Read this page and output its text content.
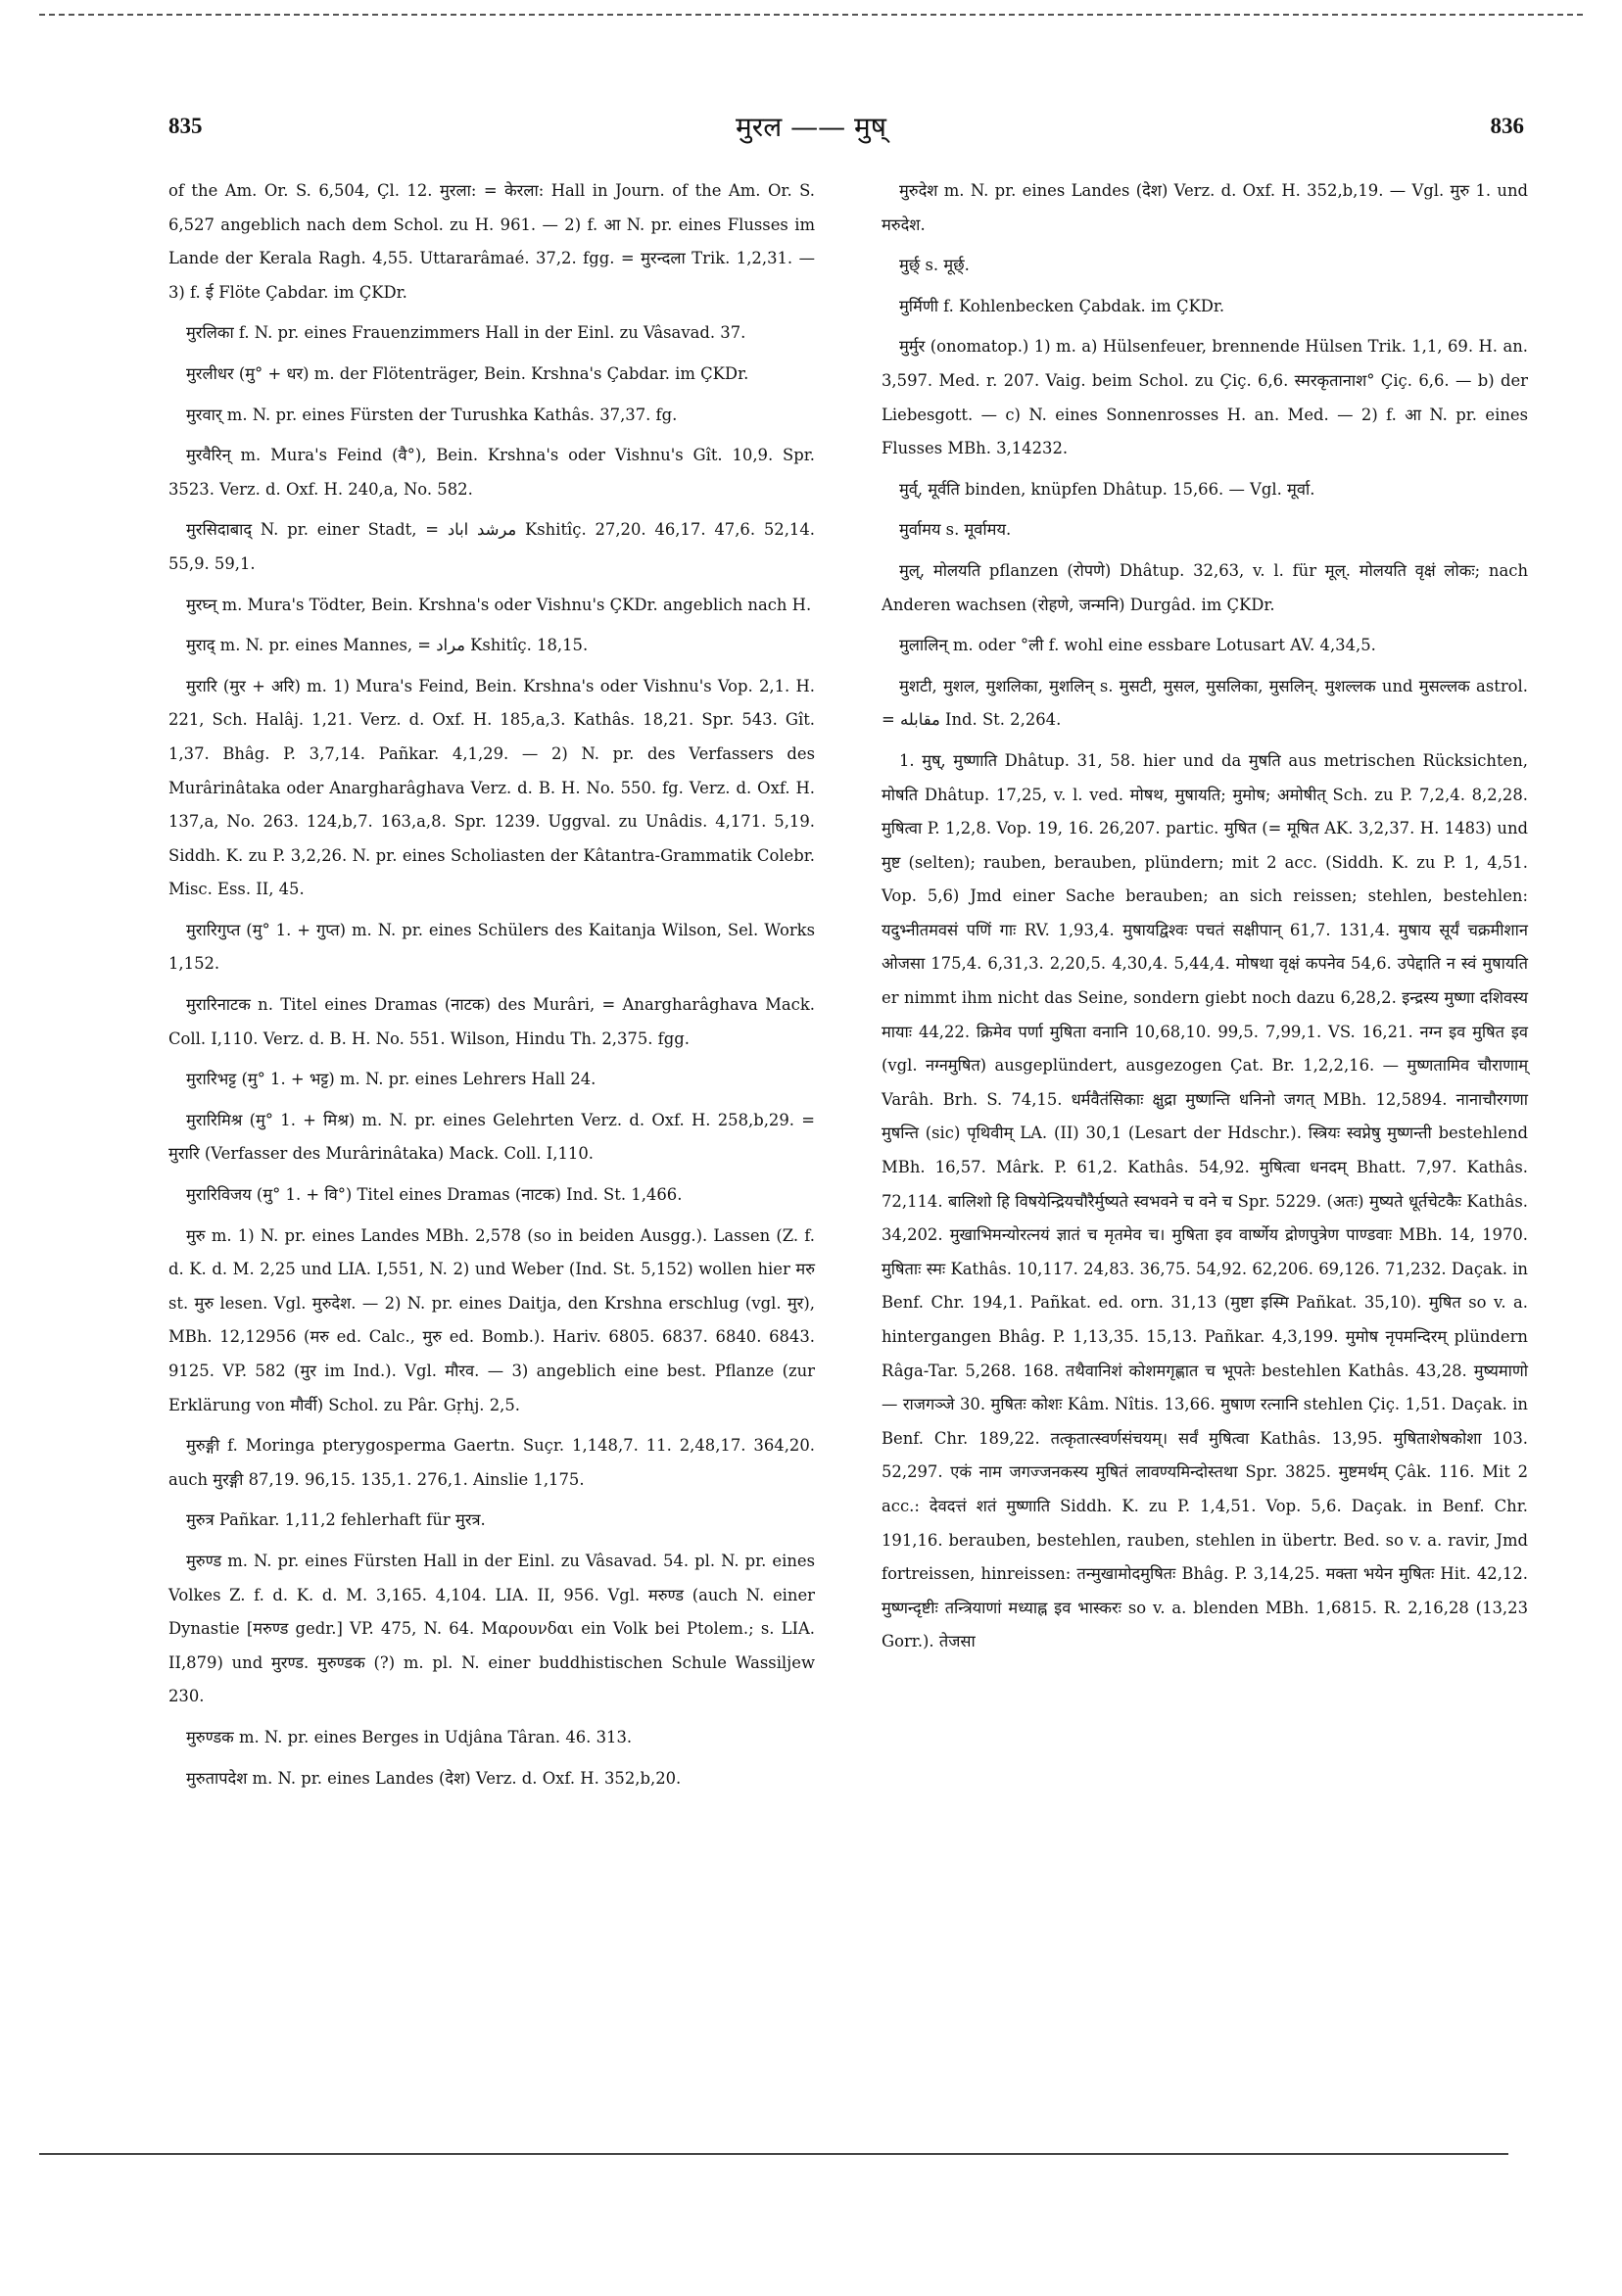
835	मुरल —— मुष्	836

of the Am. Or. S. 6,504, Çl. 12. मुरला: = केरला: Hall in Journ. of the Am. Or. S. 6,527 angeblich nach dem Schol. zu H. 961. — 2) f. आ N. pr. eines Flusses im Lande der Kerala Ragh. 4,55. Uttararâmaé. 37,2. fgg. = मुरन्दला Trik. 1,2,31. — 3) f. ई Flöte Çabdar. im ÇKDr.

मुरलिका f. N. pr. eines Frauenzimmers Hall in der Einl. zu Vâsavad. 37.

मुरलीधर (मु° + धर) m. der Flötenträger, Bein. Krshna's Çabdar. im ÇKDr.

मुरवार् m. N. pr. eines Fürsten der Turushka Kathâs. 37,37. fg.

मुरवैरिन् m. Mura's Feind (वै°), Bein. Krshna's oder Vishnu's Gît. 10,9. Spr. 3523. Verz. d. Oxf. H. 240,a, No. 582.

मुरसिदाबाद् N. pr. einer Stadt, = مرشد اباد Kshitîç. 27,20. 46,17. 47,6. 52,14. 55,9. 59,1.

मुरघ्न् m. Mura's Tödter, Bein. Krshna's oder Vishnu's ÇKDr. angeblich nach H.

मुराद् m. N. pr. eines Mannes, = مراد Kshitîç. 18,15.

मुरारि (मुर + अरि) m. 1) Mura's Feind, Bein. Krshna's oder Vishnu's Vop. 2,1. H. 221, Sch. Halâj. 1,21. Verz. d. Oxf. H. 185,a,3. Kathâs. 18,21. Spr. 543. Gît. 1,37. Bhâg. P. 3,7,14. Pañkar. 4,1,29. — 2) N. pr. des Verfassers des Murârinâtaka oder Anargharâghava Verz. d. B. H. No. 550. fg. Verz. d. Oxf. H. 137,a, No. 263. 124,b,7. 163,a,8. Spr. 1239. Uggval. zu Unâdis. 4,171. 5,19. Siddh. K. zu P. 3,2,26. N. pr. eines Scholiasten der Kâtantra-Grammatik Colebr. Misc. Ess. II, 45.

मुरारिगुप्त (मु° 1. + गुप्त) m. N. pr. eines Schülers des Kaitanja Wilson, Sel. Works 1,152.

मुरारिनाटक n. Titel eines Dramas (नाटक) des Murâri, = Anargharâghava Mack. Coll. I,110. Verz. d. B. H. No. 551. Wilson, Hindu Th. 2,375. fgg.

मुरारिभट्ट (मु° 1. + भट्ट) m. N. pr. eines Lehrers Hall 24.

मुरारिमिश्र (मु° 1. + मिश्र) m. N. pr. eines Gelehrten Verz. d. Oxf. H. 258,b,29. = मुरारि (Verfasser des Murârinâtaka) Mack. Coll. I,110.

मुरारिविजय (मु° 1. + वि°) Titel eines Dramas (नाटक) Ind. St. 1,466.

मुरु m. 1) N. pr. eines Landes MBh. 2,578 (so in beiden Ausgg.). Lassen (Z. f. d. K. d. M. 2,25 und LIA. I,551, N. 2) und Weber (Ind. St. 5,152) wollen hier मरु st. मुरु lesen. Vgl. मुरुदेश. — 2) N. pr. eines Daitja, den Krshna erschlug (vgl. मुर), MBh. 12,12956 (मरु ed. Calc., मुरु ed. Bomb.). Hariv. 6805. 6837. 6840. 6843. 9125. VP. 582 (मुर im Ind.). Vgl. मौरव. — 3) angeblich eine best. Pflanze (zur Erklärung von मौर्वी) Schol. zu Pâr. Gṛhj. 2,5.

मुरुङ्गी f. Moringa pterygosperma Gaertn. Suçr. 1,148,7. 11. 2,48,17. 364,20. auch मुरङ्गी 87,19. 96,15. 135,1. 276,1. Ainslie 1,175.

मुरुत्र Pañkar. 1,11,2 fehlerhaft für मुरत्र.

मुरुण्ड m. N. pr. eines Fürsten Hall in der Einl. zu Vâsavad. 54. pl. N. pr. eines Volkes Z. f. d. K. d. M. 3,165. 4,104. LIA. II, 956. Vgl. मरुण्ड (auch N. einer Dynastie [मरुण्ड gedr.] VP. 475, N. 64. Μαρουνδαι ein Volk bei Ptolem.; s. LIA. II,879) und मुरण्ड. मुरुण्डक (?) m. pl. N. einer buddhistischen Schule Wassiljew 230.

मुरुण्डक m. N. pr. eines Berges in Udjâna Târan. 46. 313.

मुरुतापदेश m. N. pr. eines Landes (देश) Verz. d. Oxf. H. 352,b,20.

मुरुदेश m. N. pr. eines Landes (देश) Verz. d. Oxf. H. 352,b,19. — Vgl. मुरु 1. und मरुदेश.

मुर्छ् s. मूर्छ्.

मुर्मिणी f. Kohlenbecken Çabdak. im ÇKDr.

मुर्मुर (onomatop.) 1) m. a) Hülsenfeuer, brennende Hülsen Trik. 1,1, 69. H. an. 3,597. Med. r. 207. Vaig. beim Schol. zu Çiç. 6,6. स्मरकृतानाश° Çiç. 6,6. — b) der Liebesgott. — c) N. eines Sonnenrosses H. an. Med. — 2) f. आ N. pr. eines Flusses MBh. 3,14232.

मुर्व्, मूर्वति binden, knüpfen Dhâtup. 15,66. — Vgl. मूर्वा.

मुर्वामय s. मूर्वामय.

मुल्, मोलयति pflanzen (रोपणे) Dhâtup. 32,63, v. l. für मूल्. मोलयति वृक्षं लोकः; nach Anderen wachsen (रोहणे, जन्मनि) Durgâd. im ÇKDr.

मुलालिन् m. oder °ली f. wohl eine essbare Lotusart AV. 4,34,5.

मुशटी, मुशल, मुशलिका, मुशलिन् s. मुसटी, मुसल, मुसलिका, मुसलिन्. मुशल्लक und मुसल्लक astrol. = مقابله Ind. St. 2,264.

1. मुष्, मुष्णाति Dhâtup. 31, 58. hier und da मुषति aus metrischen Rücksichten, मोषति Dhâtup. 17,25, v. l. ved. मोषथ, मुषायति; मुमोष; अमोषीत् Sch. zu P. 7,2,4. 8,2,28. मुषित्वा P. 1,2,8. Vop. 19, 16. 26,207. partic. मुषित (= मूषित AK. 3,2,37. H. 1483) und मुष्ट (selten); rauben, berauben, plündern; mit 2 acc. (Siddh. K. zu P. 1, 4,51. Vop. 5,6) Jmd einer Sache berauben; an sich reissen; stehlen, bestehlen: यदुभ्नीतमवसं पणिं गाः RV. 1,93,4. मुषायद्विश्वः पचतं सक्षीपान् 61,7. 131,4. मुषाय सूर्यं चक्रमीशान ओजसा 175,4. 6,31,3. 2,20,5. 4,30,4. 5,44,4. मोषथा वृक्षं कपनेव 54,6. उपेद्दाति न स्वं मुषायति er nimmt ihm nicht das Seine, sondern giebt noch dazu 6,28,2. इन्द्रस्य मुष्णा दशिवस्य मायाः 44,22. क्रिमेव पर्णा मुषिता वनानि 10,68,10. 99,5. 7,99,1. VS. 16,21. नग्न इव मुषित इव (vgl. नग्नमुषित) ausgeplündert, ausgezogen Çat. Br. 1,2,2,16. — मुष्णतामिव चौराणाम् Varâh. Brh. S. 74,15. धर्मवैतंसिकाः क्षुद्रा मुष्णन्ति धनिनो जगत् MBh. 12,5894. नानाचौरगणा मुषन्ति (sic) पृथिवीम् LA. (II) 30,1 (Lesart der Hdschr.). स्त्रियः स्वप्नेषु मुष्णन्ती bestehlend MBh. 16,57. Mârk. P. 61,2. Kathâs. 54,92. मुषित्वा धनदम् Bhatt. 7,97. Kathâs. 72,114. बालिशो हि विषयेन्द्रियचौरैर्मुष्यते स्वभवने च वने च Spr. 5229. (अतः) मुष्यते धूर्तचेटकैः Kathâs. 34,202. मुखाभिमन्योरत्नयं ज्ञातं च मृतमेव च। मुषिता इव वार्ष्णेय द्रोणपुत्रेण पाण्डवाः MBh. 14, 1970. मुषिताः स्मः Kathâs. 10,117. 24,83. 36,75. 54,92. 62,206. 69,126. 71,232. Daçak. in Benf. Chr. 194,1. Pañkat. ed. orn. 31,13 (मुष्टा इस्मि Pañkat. 35,10). मुषित so v. a. hintergangen Bhâg. P. 1,13,35. 15,13. Pañkar. 4,3,199. मुमोष नृपमन्दिरम् plündern Râga-Tar. 5,268. 168. तथैवानिशं कोशमगृह्णात च भूपतेः bestehlen Kathâs. 43,28. मुष्यमाणो — राजगञ्जे 30. मुषितः कोशः Kâm. Nîtis. 13,66. मुषाण रत्नानि stehlen Çiç. 1,51. Daçak. in Benf. Chr. 189,22. तत्कृतात्स्वर्णसंचयम्। सर्वं मुषित्वा Kathâs. 13,95. मुषिताशेषकोशा 103. 52,297. एकं नाम जगज्जनकस्य मुषितं लावण्यमिन्दोस्तथा Spr. 3825. मुष्टमर्थम् Çâk. 116. Mit 2 acc.: देवदत्तं शतं मुष्णाति Siddh. K. zu P. 1,4,51. Vop. 5,6. Daçak. in Benf. Chr. 191,16. berauben, bestehlen, rauben, stehlen in übertr. Bed. so v. a. ravir, Jmd fortreissen, hinreissen: तन्मुखामोदमुषितः Bhâg. P. 3,14,25. मक्ता भयेन मुषितः Hit. 42,12. मुष्णन्दृष्टीः तन्त्रियाणां मध्याह्न इव भास्करः so v. a. blenden MBh. 1,6815. R. 2,16,28 (13,23 Gorr.). तेजसा
